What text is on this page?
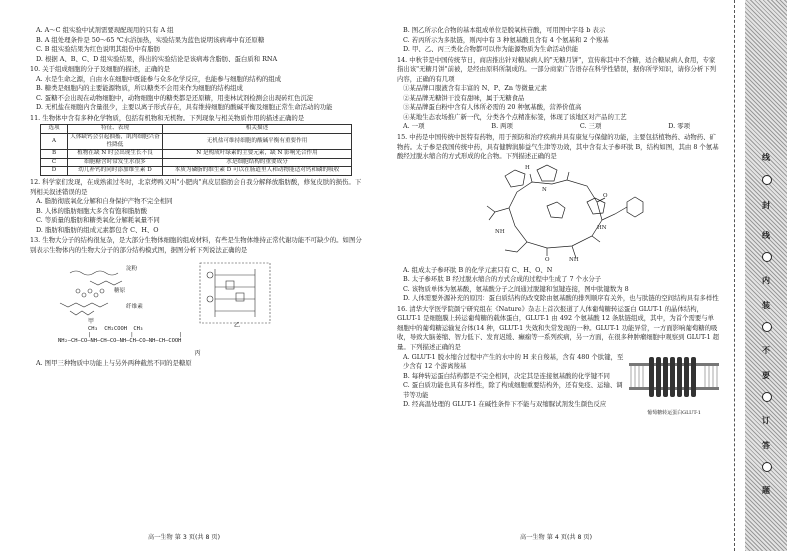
A. A～C 组实验中试剂需要现配现用的只有 A 组

B. A 组处理条件是 50～65 ℃水浴加热，实验结果为蓝色说明该病毒中有还原糖

C. B 组实验结果为红色说明其组份中有脂肪

D. 根据 A、B、C、D 组实验结果，得出的实验结论是该病毒含脂肪、蛋白质和 RNA

10. 关于组成细胞的分子及细胞的描述，正确的是

A. 水是生命之源，自由水在细胞中既能参与众多化学反应，也能参与细胞的结构的组成

B. 糖类是细胞内的主要能源物质，所以糖类不会用来作为细胞的结构组成

C. 蛋糖不会出现在动物细胞中，动物细胞中的糖类都是还原糖，用斐林试剂检测会出现砖红色沉淀

D. 无机盐在细胞内含量很少，主要以离子形式存在，具有维持细胞的酸碱平衡及细胞正常生命活动的功能

11. 生物体中含有多种化学物质，包括有机物和无机物。下列现象与相关物质作用的描述正确的是

选项	特征、表现	相关描述
A	人体缺钙会引起抽搐，肌肉细胞兴奋性降低	无机盐可维持细胞的酸碱平衡有重要作用
B	植物在缺 N 时会出现生长不良	N 是构成叶绿素的主要元素，缺 N 影响光合作用
C	细胞糖含时常发生水很多	水是细胞结构的重要成分
D	幼儿补钙的同时添加维生素 D	本质为磷脂的维生素 D 可以在肠道里人和动物能适对钙和磷的吸收

12. 科学家们发现，在成熟雀过冬时，北京烤鸭又叫"小肥肉"真皮层脂肪会自我分解释放脂肪酸，修复皮肤的损伤。下列相关叙述错误的是

A. 脂肪彻底氧化分解和自身保护产物不完全相同

B. 人体的脂肪细胞大多含有饱和脂肪酸

C. 等质量的脂肪和糖类氧化分解耗氧量不同

D. 脂肪和脂肪的组成元素都包含 C、H、O

13. 生物大分子的结构很复杂，是大部分生物体细胞的组成材料，有些是生物体维持正常代谢功能不可缺少的。如图分别表示生物体内的生物大分子的部分结构模式图，据图分析下列说法正确的是

淀粉
糖原
纤维素
甲
乙
CH₃  CH₂COOH  CH₃
|            |              |
NH₂—CH—CO—NH—CH—CO—NH—CH—CO—NH—CH—COOH

丙

A. 图甲三种物质中功能上与另外两种截然不同的是糖原

高一生物 第 3 页(共 8 页)

B. 图乙所示化合物的基本组成单位是脱氧核苷酸，可用图中字母 b 表示

C. 若丙所示为多肽链，则丙中有 3 种氨基酸且含有 4 个氨基和 2 个羧基

D. 甲、乙、丙三类化合物都可以作为能源物质为生命活动供能

14. 中秋节是中国传统节日，商店推出针对糖尿病人的"无糖月饼"，宣传称其中不含糖，适合糖尿病人食用，专家指出该"无糖月饼"前被，是经由原料所制成的。一部分商家广告语存在科学性错误，据你所学知识，请你分析下列内容，正确的有几项

①某品牌口服液含有丰富的 N、P、Zn 等微量元素

②某品牌无糖饼干没有甜味，属于无糖食品

③某品牌蛋白粉中含有人体所必需的 20 种氨基酸，营养价值高

④某地生态农场推广新一代，分类各个点精准标签，体现了该地区对产品的工艺

A. 一项	B. 两项	C. 三项	D. 零项

15. 中药是中国传统中医特有药物，用于预防和治疗疾病并具有康复与保健的功能，主要包括植物药、动物药、矿物药。太子参是我国传统中药，具有健脾润肺益气生津等功效，其中含有太子参环肽 B，结构如图，其由 8 个氨基酸经过脱水缩合的方式形成的化合物。下列描述正确的是

H
N
O
NH
HN
O	NH

A. 组成太子参环肽 B 的化学元素只有 C、H、O、N

B. 太子参环肽 B 经过脱水缩合的方式合成的过程中生成了 7 个水分子

C. 该物质单体为氨基酸，氨基酸分子之间通过脱键和氢键连接，图中肽键数为 8

D. 人体需要外源补充的原因：蛋白质结构的改变除由氨基酸的排列顺序有关外，也与肽链的空间结构具有多样性

16. 清华大学医学院颜宁研究组在《Nature》杂志上首次报道了人体葡萄糖转运蛋白 GLUT-1 的晶体结构，GLUT-1 是细胞膜上转运葡萄糖的载体蛋白，GLUT-1 由 492 个氨基酸 12 条肽链组成，其中，为首个需要与单细胞中的葡萄糖运输复合体(14 种，GLUT-1 失效和失常发现的一种。GLUT-1 功能异常，一方面影响葡萄糖的吸收，导致大脑萎缩、智力低下、发育迟缓、癫痫等一系列疾病，另一方面，在很多种肿瘤细胞中观察到 GLUT-1 超量。下列描述正确的是

A. GLUT-1 脱水缩合过程中产生的水中的 H 来自羧基，含有 480 个肽键，至少含有 12 个游离羧基

B. 每种转运蛋白结构都是不完全相同，决定其是连接氨基酸的化学键不同

C. 蛋白质功能也具有多样性，除了构成细胞重要结构外，还有免疫、运输、调节等功能

葡萄糖转运蛋白GLUT-1

D. 经高温处理的 GLUT-1 在碱性条件下不能与双缩脲试剂发生颜色反应

高一生物 第 4 页(共 8 页)
线
封
线
内
装
不
要
订
答
题
